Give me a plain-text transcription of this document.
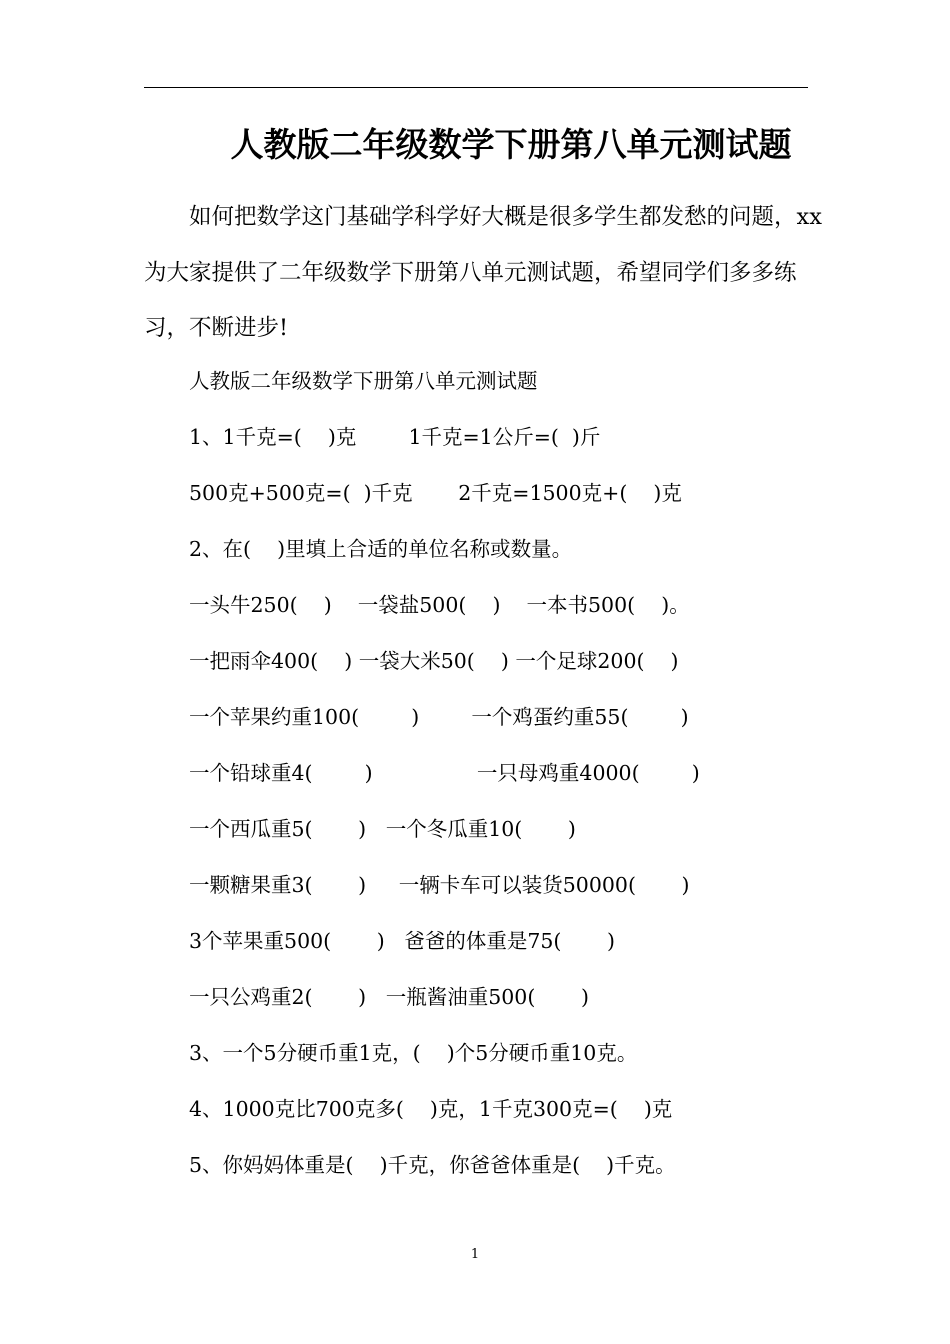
人教版二年级数学下册第八单元测试题

如何把数学这门基础学科学好大概是很多学生都发愁的问题，xx为大家提供了二年级数学下册第八单元测试题，希望同学们多多练习，不断进步!

人教版二年级数学下册第八单元测试题
1、1千克=(    )克        1千克=1公斤=(  )斤
500克+500克=(  )千克       2千克=1500克+(    )克
2、在(    )里填上合适的单位名称或数量。
一头牛250(    )    一袋盐500(    )    一本书500(    )。
一把雨伞400(    ) 一袋大米50(    ) 一个足球200(    )
一个苹果约重100(        )        一个鸡蛋约重55(        )
一个铅球重4(        )                一只母鸡重4000(        )
一个西瓜重5(       )   一个冬瓜重10(       )
一颗糖果重3(       )     一辆卡车可以装货50000(       )
3个苹果重500(       )   爸爸的体重是75(       )
一只公鸡重2(       )   一瓶酱油重500(       )
3、一个5分硬币重1克，(    )个5分硬币重10克。
4、1000克比700克多(    )克，1千克300克=(    )克
5、你妈妈体重是(    )千克，你爸爸体重是(    )千克。
1
